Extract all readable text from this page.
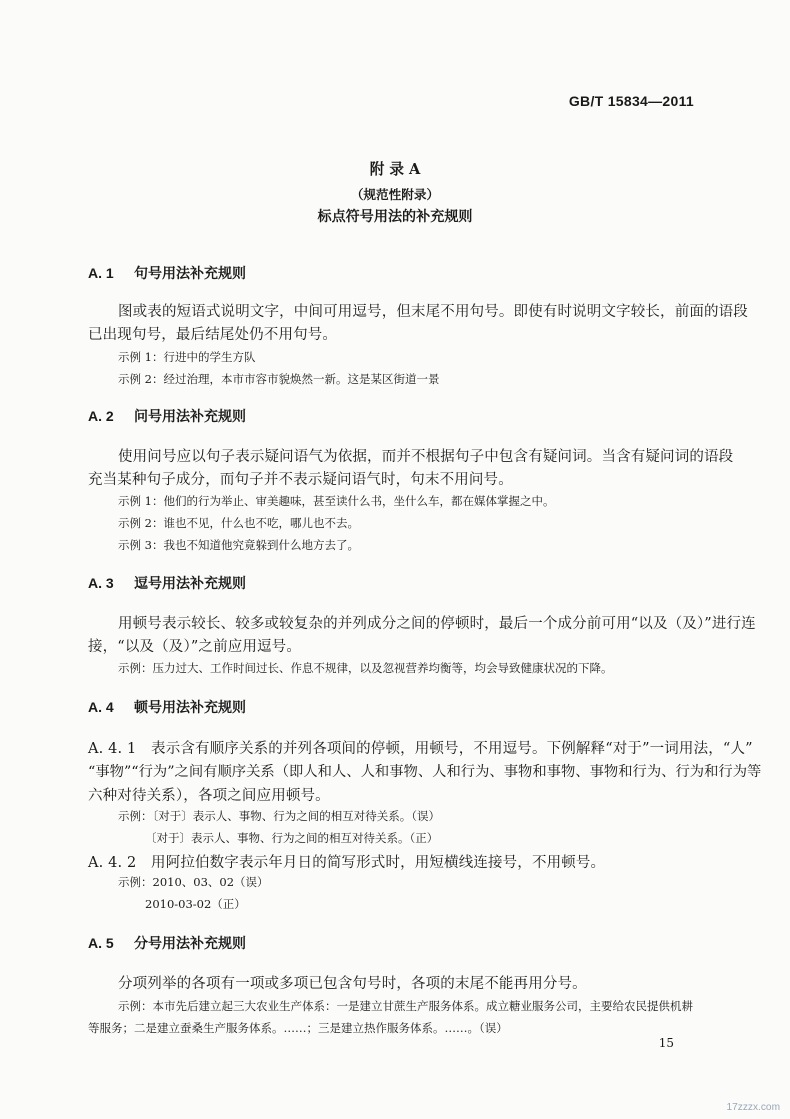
GB/T 15834—2011
附 录 A
（规范性附录）
标点符号用法的补充规则
A. 1 句号用法补充规则
图或表的短语式说明文字，中间可用逗号，但末尾不用句号。即使有时说明文字较长，前面的语段
已出现句号，最后结尾处仍不用句号。
示例 1：行进中的学生方队
示例 2：经过治理，本市市容市貌焕然一新。这是某区街道一景
A. 2 问号用法补充规则
使用问号应以句子表示疑问语气为依据，而并不根据句子中包含有疑问词。当含有疑问词的语段
充当某种句子成分，而句子并不表示疑问语气时，句末不用问号。
示例 1：他们的行为举止、审美趣味，甚至读什么书，坐什么车，都在媒体掌握之中。
示例 2：谁也不见，什么也不吃，哪儿也不去。
示例 3：我也不知道他究竟躲到什么地方去了。
A. 3 逗号用法补充规则
用顿号表示较长、较多或较复杂的并列成分之间的停顿时，最后一个成分前可用“以及（及）”进行连
接，“以及（及）”之前应用逗号。
示例：压力过大、工作时间过长、作息不规律，以及忽视营养均衡等，均会导致健康状况的下降。
A. 4 顿号用法补充规则
A. 4. 1　表示含有顺序关系的并列各项间的停顿，用顿号，不用逗号。下例解释“对于”一词用法，“人”
“事物”“行为”之间有顺序关系（即人和人、人和事物、人和行为、事物和事物、事物和行为、行为和行为等
六种对待关系），各项之间应用顿号。
示例：〔对于〕表示人、事物、行为之间的相互对待关系。（误）
〔对于〕表示人、事物、行为之间的相互对待关系。（正）
A. 4. 2　用阿拉伯数字表示年月日的简写形式时，用短横线连接号，不用顿号。
示例：2010、03、02（误）
2010-03-02（正）
A. 5 分号用法补充规则
分项列举的各项有一项或多项已包含句号时，各项的末尾不能再用分号。
示例：本市先后建立起三大农业生产体系：一是建立甘蔗生产服务体系。成立糖业服务公司，主要给农民提供机耕
等服务；二是建立蚕桑生产服务体系。……；三是建立热作服务体系。……。（误）
15
17zzzx.com
